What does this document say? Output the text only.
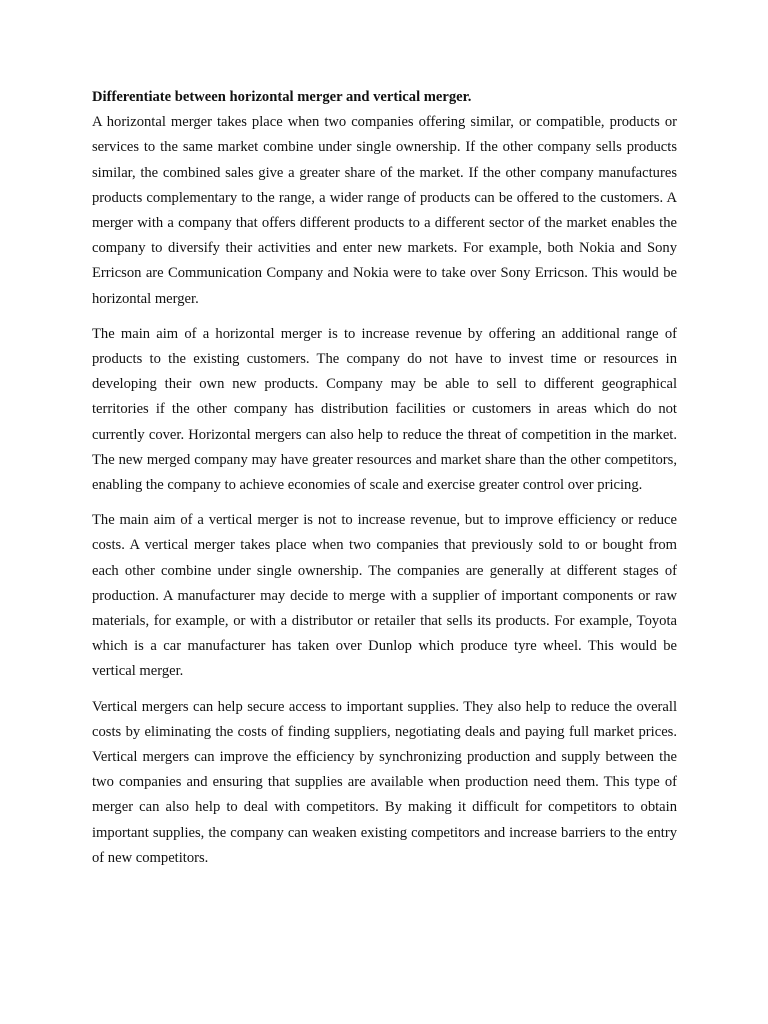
Differentiate between horizontal merger and vertical merger.

A horizontal merger takes place when two companies offering similar, or compatible, products or services to the same market combine under single ownership. If the other company sells products similar, the combined sales give a greater share of the market. If the other company manufactures products complementary to the range, a wider range of products can be offered to the customers. A merger with a company that offers different products to a different sector of the market enables the company to diversify their activities and enter new markets. For example, both Nokia and Sony Erricson are Communication Company and Nokia were to take over Sony Erricson. This would be horizontal merger.

The main aim of a horizontal merger is to increase revenue by offering an additional range of products to the existing customers. The company do not have to invest time or resources in developing their own new products. Company may be able to sell to different geographical territories if the other company has distribution facilities or customers in areas which do not currently cover. Horizontal mergers can also help to reduce the threat of competition in the market. The new merged company may have greater resources and market share than the other competitors, enabling the company to achieve economies of scale and exercise greater control over pricing.

The main aim of a vertical merger is not to increase revenue, but to improve efficiency or reduce costs. A vertical merger takes place when two companies that previously sold to or bought from each other combine under single ownership. The companies are generally at different stages of production. A manufacturer may decide to merge with a supplier of important components or raw materials, for example, or with a distributor or retailer that sells its products. For example, Toyota which is a car manufacturer has taken over Dunlop which produce tyre wheel. This would be vertical merger.

Vertical mergers can help secure access to important supplies. They also help to reduce the overall costs by eliminating the costs of finding suppliers, negotiating deals and paying full market prices. Vertical mergers can improve the efficiency by synchronizing production and supply between the two companies and ensuring that supplies are available when production need them. This type of merger can also help to deal with competitors. By making it difficult for competitors to obtain important supplies, the company can weaken existing competitors and increase barriers to the entry of new competitors.
